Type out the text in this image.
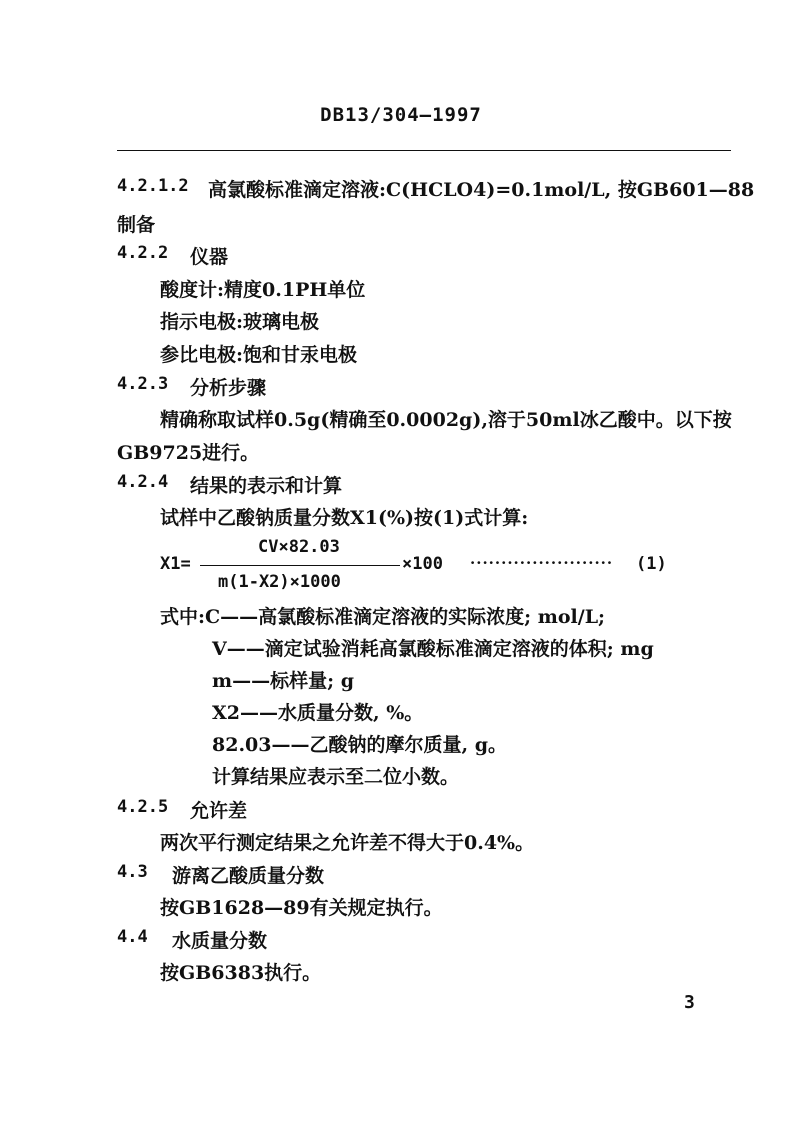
DB13/304—1997
4.2.1.2 高氯酸标准滴定溶液:C(HCLO4)=0.1mol/L, 按GB601—88
制备
4.2.2 仪器
酸度计:精度0.1PH单位
指示电极:玻璃电极
参比电极:饱和甘汞电极
4.2.3 分析步骤
精确称取试样0.5g(精确至0.0002g),溶于50ml冰乙酸中。以下按
GB9725进行。
4.2.4 结果的表示和计算
试样中乙酸钠质量分数X1(%)按(1)式计算:
CV×82.03
X1=	×100 ······················· (1)
m(1-X2)×1000
式中:C——高氯酸标准滴定溶液的实际浓度; mol/L;
V——滴定试验消耗高氯酸标准滴定溶液的体积; mg
m——标样量; g
X2——水质量分数, %。
82.03——乙酸钠的摩尔质量, g。
计算结果应表示至二位小数。
4.2.5 允许差
两次平行测定结果之允许差不得大于0.4%。
4.3 游离乙酸质量分数
按GB1628—89有关规定执行。
4.4 水质量分数
按GB6383执行。
3
